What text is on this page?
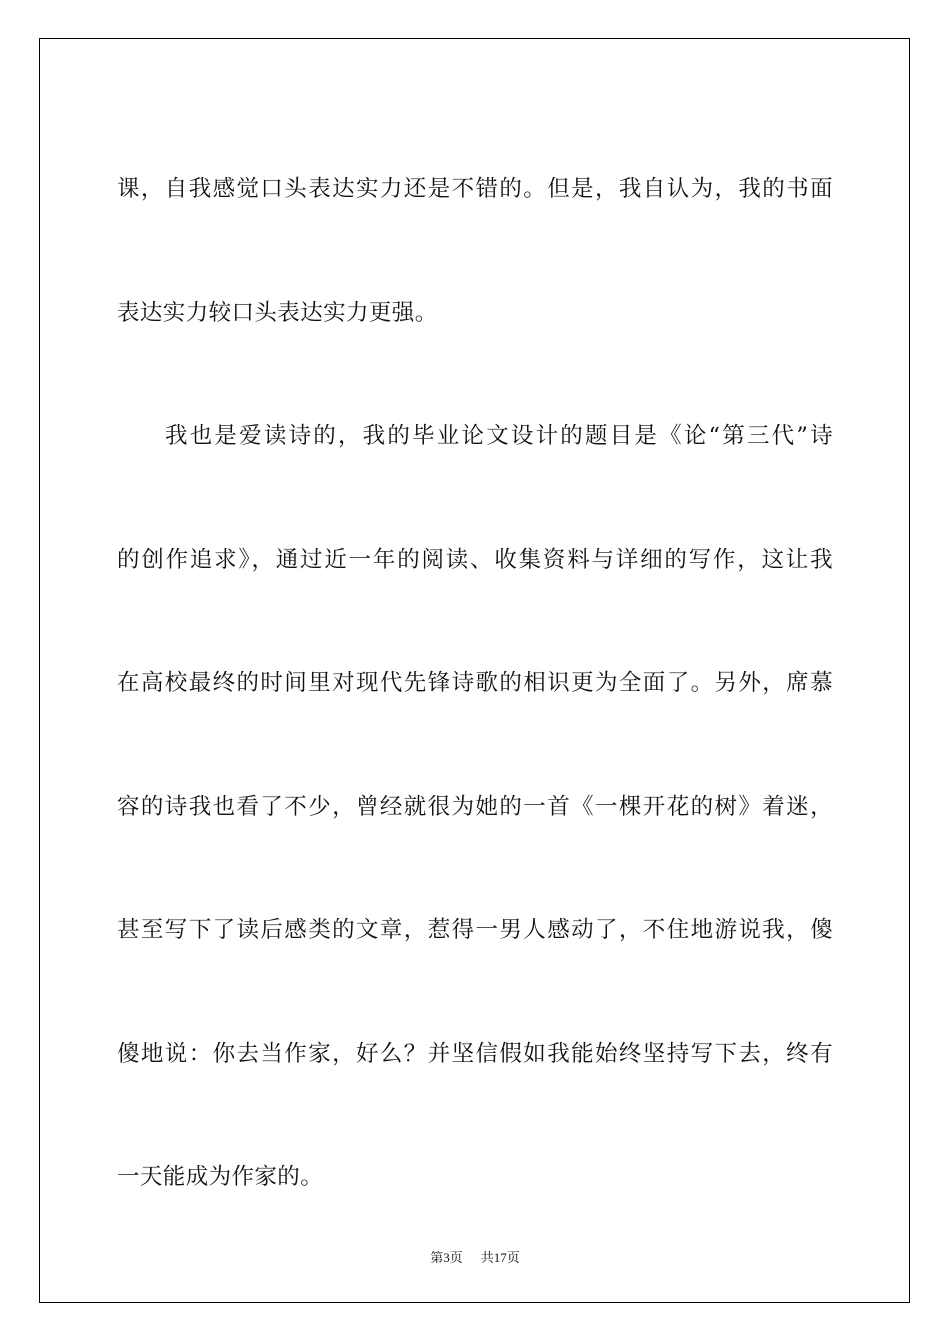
课，自我感觉口头表达实力还是不错的。但是，我自认为，我的书面
表达实力较口头表达实力更强。
我也是爱读诗的，我的毕业论文设计的题目是《论“第三代”诗
的创作追求》，通过近一年的阅读、收集资料与详细的写作，这让我
在高校最终的时间里对现代先锋诗歌的相识更为全面了。另外，席慕
容的诗我也看了不少，曾经就很为她的一首《一棵开花的树》着迷，
甚至写下了读后感类的文章，惹得一男人感动了，不住地游说我，傻
傻地说：你去当作家，好么？并坚信假如我能始终坚持写下去，终有
一天能成为作家的。
第3页 共17页
